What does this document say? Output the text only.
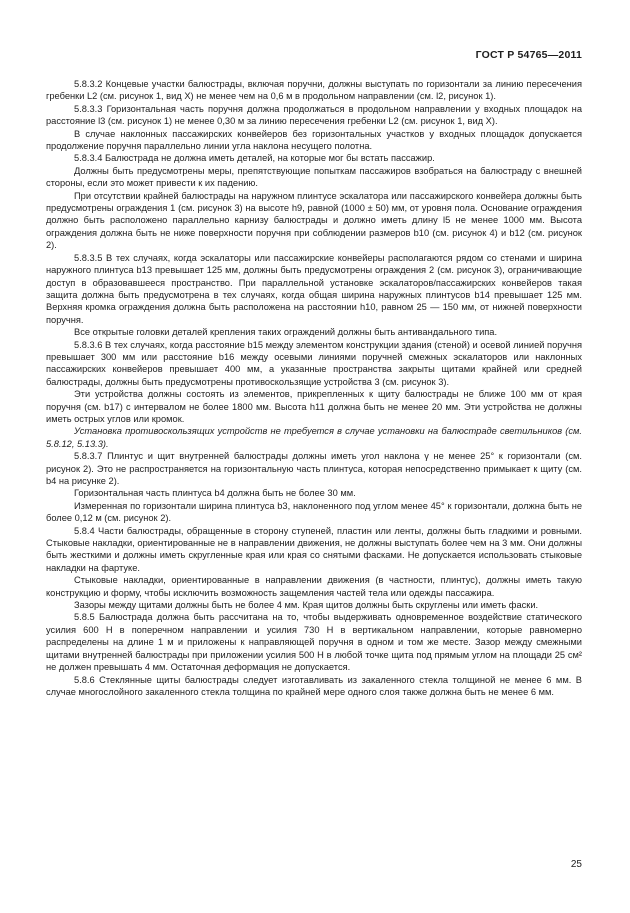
ГОСТ Р 54765—2011

5.8.3.2 Концевые участки балюстрады, включая поручни, должны выступать по горизонтали за линию пересечения гребенки L2 (см. рисунок 1, вид X) не менее чем на 0,6 м в продольном направлении (см. l2, рисунок 1).

5.8.3.3 Горизонтальная часть поручня должна продолжаться в продольном направлении у входных площадок на расстояние l3 (см. рисунок 1) не менее 0,30 м за линию пересечения гребенки L2 (см. рисунок 1, вид X).

В случае наклонных пассажирских конвейеров без горизонтальных участков у входных площадок допускается продолжение поручня параллельно линии угла наклона несущего полотна.

5.8.3.4 Балюстрада не должна иметь деталей, на которые мог бы встать пассажир.

Должны быть предусмотрены меры, препятствующие попыткам пассажиров взобраться на балюстраду с внешней стороны, если это может привести к их падению.

При отсутствии крайней балюстрады на наружном плинтусе эскалатора или пассажирского конвейера должны быть предусмотрены ограждения 1 (см. рисунок 3) на высоте h9, равной (1000 ± 50) мм, от уровня пола. Основание ограждения должно быть расположено параллельно карнизу балюстрады и должно иметь длину l5 не менее 1000 мм. Высота ограждения должна быть не ниже поверхности поручня при соблюдении размеров b10 (см. рисунок 4) и b12 (см. рисунок 2).

5.8.3.5 В тех случаях, когда эскалаторы или пассажирские конвейеры располагаются рядом со стенами и ширина наружного плинтуса b13 превышает 125 мм, должны быть предусмотрены ограждения 2 (см. рисунок 3), ограничивающие доступ в образовавшееся пространство. При параллельной установке эскалаторов/пассажирских конвейеров такая защита должна быть предусмотрена в тех случаях, когда общая ширина наружных плинтусов b14 превышает 125 мм. Верхняя кромка ограждения должна быть расположена на расстоянии h10, равном 25 — 150 мм, от нижней поверхности поручня.

Все открытые головки деталей крепления таких ограждений должны быть антивандального типа.

5.8.3.6 В тех случаях, когда расстояние b15 между элементом конструкции здания (стеной) и осевой линией поручня превышает 300 мм или расстояние b16 между осевыми линиями поручней смежных эскалаторов или наклонных пассажирских конвейеров превышает 400 мм, а указанные пространства закрыты щитами крайней или средней балюстрады, должны быть предусмотрены противоскользящие устройства 3 (см. рисунок 3).

Эти устройства должны состоять из элементов, прикрепленных к щиту балюстрады не ближе 100 мм от края поручня (см. b17) с интервалом не более 1800 мм. Высота h11 должна быть не менее 20 мм. Эти устройства не должны иметь острых углов или кромок.

Установка противоскользящих устройств не требуется в случае установки на балюстраде светильников (см. 5.8.12, 5.13.3).

5.8.3.7 Плинтус и щит внутренней балюстрады должны иметь угол наклона γ не менее 25° к горизонтали (см. рисунок 2). Это не распространяется на горизонтальную часть плинтуса, которая непосредственно примыкает к щиту (см. b4 на рисунке 2).

Горизонтальная часть плинтуса b4 должна быть не более 30 мм.

Измеренная по горизонтали ширина плинтуса b3, наклоненного под углом менее 45° к горизонтали, должна быть не более 0,12 м (см. рисунок 2).

5.8.4 Части балюстрады, обращенные в сторону ступеней, пластин или ленты, должны быть гладкими и ровными. Стыковые накладки, ориентированные не в направлении движения, не должны выступать более чем на 3 мм. Они должны быть жесткими и должны иметь скругленные края или края со снятыми фасками. Не допускается использовать стыковые накладки на фартуке.

Стыковые накладки, ориентированные в направлении движения (в частности, плинтус), должны иметь такую конструкцию и форму, чтобы исключить возможность защемления частей тела или одежды пассажира.

Зазоры между щитами должны быть не более 4 мм. Края щитов должны быть скруглены или иметь фаски.

5.8.5 Балюстрада должна быть рассчитана на то, чтобы выдерживать одновременное воздействие статического усилия 600 Н в поперечном направлении и усилия 730 Н в вертикальном направлении, которые равномерно распределены на длине 1 м и приложены к направляющей поручня в одном и том же месте. Зазор между смежными щитами внутренней балюстрады при приложении усилия 500 Н в любой точке щита под прямым углом на площади 25 см² не должен превышать 4 мм. Остаточная деформация не допускается.

5.8.6 Стеклянные щиты балюстрады следует изготавливать из закаленного стекла толщиной не менее 6 мм. В случае многослойного закаленного стекла толщина по крайней мере одного слоя также должна быть не менее 6 мм.

25
